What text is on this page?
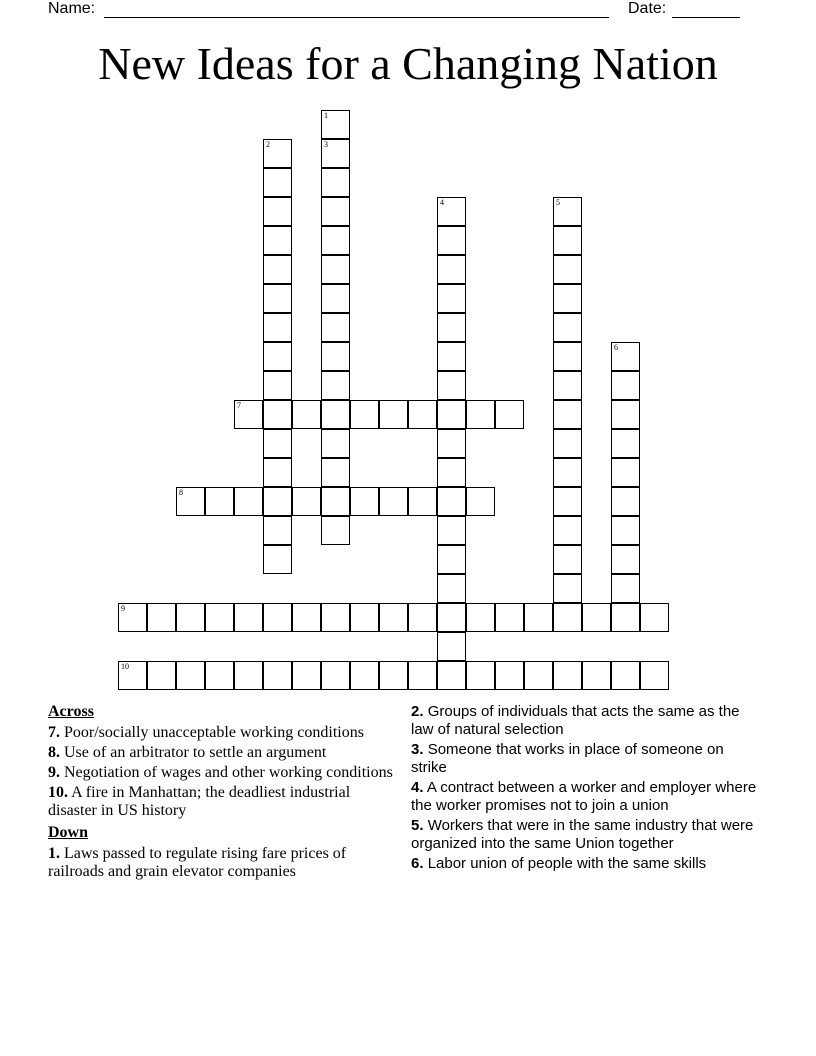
Name:	Date:
New Ideas for a Changing Nation
1
3
2
4	5
6
7
8
9
10
Across
7. Poor/socially unacceptable working conditions
8. Use of an arbitrator to settle an argument
9. Negotiation of wages and other working conditions
10. A fire in Manhattan; the deadliest industrial disaster in US history
Down
1. Laws passed to regulate rising fare prices of railroads and grain elevator companies
2. Groups of individuals that acts the same as the law of natural selection
3. Someone that works in place of someone on strike
4. A contract between a worker and employer where the worker promises not to join a union
5. Workers that were in the same industry that were organized into the same Union together
6. Labor union of people with the same skills
